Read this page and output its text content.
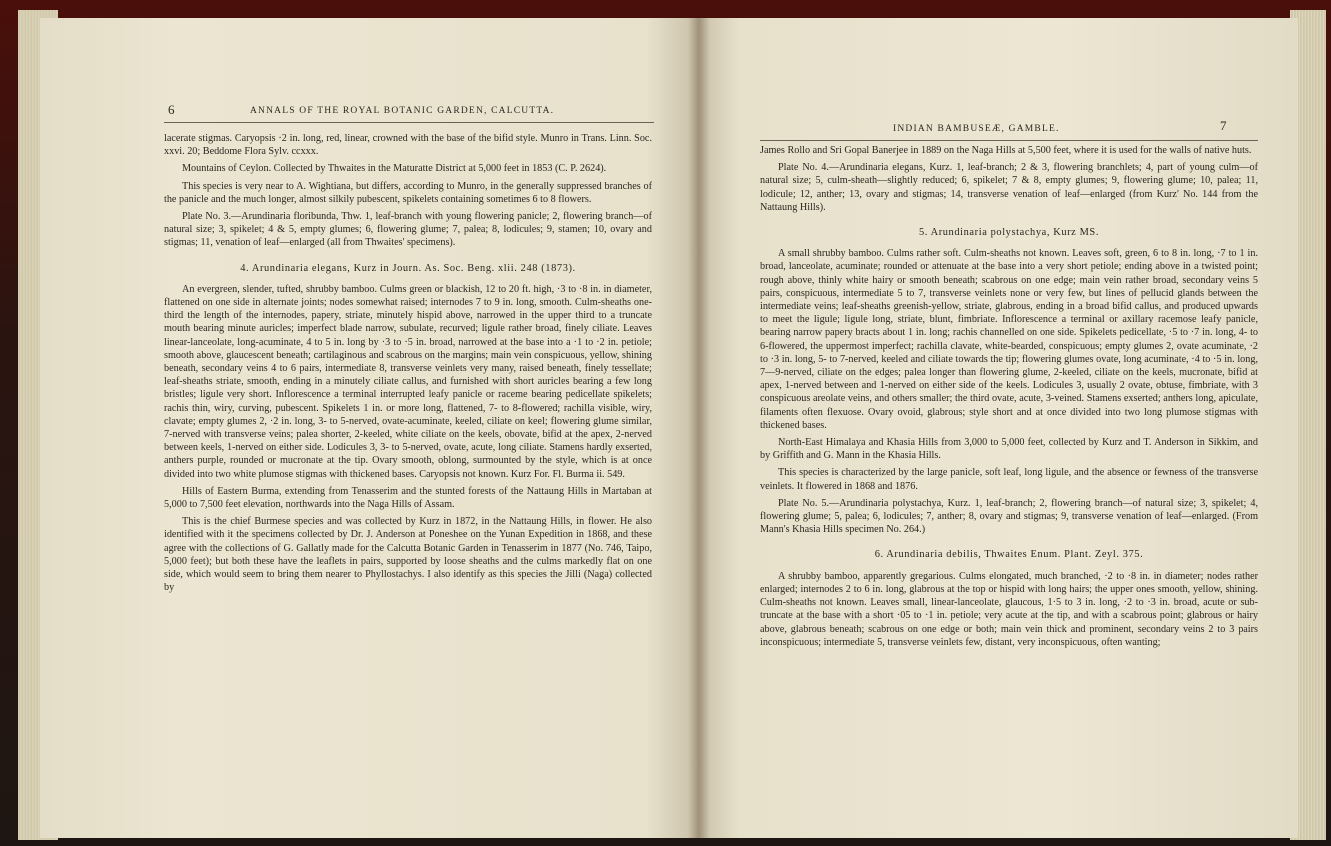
6	ANNALS OF THE ROYAL BOTANIC GARDEN, CALCUTTA.

lacerate stigmas. Caryopsis ·2 in. long, red, linear, crowned with the base of the bifid style. Munro in Trans. Linn. Soc. xxvi. 20; Beddome Flora Sylv. ccxxx.

Mountains of Ceylon. Collected by Thwaites in the Maturatte District at 5,000 feet in 1853 (C. P. 2624).

This species is very near to A. Wightiana, but differs, according to Munro, in the generally suppressed branches of the panicle and the much longer, almost silkily pubescent, spikelets containing sometimes 6 to 8 flowers.

Plate No. 3.—Arundinaria floribunda, Thw. 1, leaf-branch with young flowering panicle; 2, flowering branch—of natural size; 3, spikelet; 4 & 5, empty glumes; 6, flowering glume; 7, palea; 8, lodicules; 9, stamen; 10, ovary and stigmas; 11, venation of leaf—enlarged (all from Thwaites' specimens).

4. Arundinaria elegans, Kurz in Journ. As. Soc. Beng. xlii. 248 (1873).

An evergreen, slender, tufted, shrubby bamboo. Culms green or blackish, 12 to 20 ft. high, ·3 to ·8 in. in diameter, flattened on one side in alternate joints; nodes somewhat raised; internodes 7 to 9 in. long, smooth. Culm-sheaths one-third the length of the internodes, papery, striate, minutely hispid above, narrowed in the upper third to a truncate mouth bearing minute auricles; imperfect blade narrow, subulate, recurved; ligule rather broad, finely ciliate. Leaves linear-lanceolate, long-acuminate, 4 to 5 in. long by ·3 to ·5 in. broad, narrowed at the base into a ·1 to ·2 in. petiole; smooth above, glaucescent beneath; cartilaginous and scabrous on the margins; main vein conspicuous, yellow, shining beneath, secondary veins 4 to 6 pairs, intermediate 8, transverse veinlets very many, raised beneath, finely tessellate; leaf-sheaths striate, smooth, ending in a minutely ciliate callus, and furnished with short auricles bearing a few long bristles; ligule very short. Inflorescence a terminal interrupted leafy panicle or raceme bearing pedicellate spikelets; rachis thin, wiry, curving, pubescent. Spikelets 1 in. or more long, flattened, 7- to 8-flowered; rachilla visible, wiry, clavate; empty glumes 2, ·2 in. long, 3- to 5-nerved, ovate-acuminate, keeled, ciliate on keel; flowering glume similar, 7-nerved with transverse veins; palea shorter, 2-keeled, white ciliate on the keels, obovate, bifid at the apex, 2-nerved between keels, 1-nerved on either side. Lodicules 3, 3- to 5-nerved, ovate, acute, long ciliate. Stamens hardly exserted, anthers purple, rounded or mucronate at the tip. Ovary smooth, oblong, surmounted by the style, which is at once divided into two white plumose stigmas with thickened bases. Caryopsis not known. Kurz For. Fl. Burma ii. 549.

Hills of Eastern Burma, extending from Tenasserim and the stunted forests of the Nattaung Hills in Martaban at 5,000 to 7,500 feet elevation, northwards into the Naga Hills of Assam.

This is the chief Burmese species and was collected by Kurz in 1872, in the Nattaung Hills, in flower. He also identified with it the specimens collected by Dr. J. Anderson at Poneshee on the Yunan Expedition in 1868, and these agree with the collections of G. Gallatly made for the Calcutta Botanic Garden in Tenasserim in 1877 (No. 746, Taipo, 5,000 feet); but both these have the leaflets in pairs, supported by loose sheaths and the culms markedly flat on one side, which would seem to bring them nearer to Phyllostachys. I also identify as this species the Jilli (Naga) collected by

INDIAN BAMBUSEÆ, GAMBLE.	7

James Rollo and Sri Gopal Banerjee in 1889 on the Naga Hills at 5,500 feet, where it is used for the walls of native huts.

Plate No. 4.—Arundinaria elegans, Kurz. 1, leaf-branch; 2 & 3, flowering branchlets; 4, part of young culm—of natural size; 5, culm-sheath—slightly reduced; 6, spikelet; 7 & 8, empty glumes; 9, flowering glume; 10, palea; 11, lodicule; 12, anther; 13, ovary and stigmas; 14, transverse venation of leaf—enlarged (from Kurz' No. 144 from the Nattaung Hills).

5. Arundinaria polystachya, Kurz MS.

A small shrubby bamboo. Culms rather soft. Culm-sheaths not known. Leaves soft, green, 6 to 8 in. long, ·7 to 1 in. broad, lanceolate, acuminate; rounded or attenuate at the base into a very short petiole; ending above in a twisted point; rough above, thinly white hairy or smooth beneath; scabrous on one edge; main vein rather broad, secondary veins 5 pairs, conspicuous, intermediate 5 to 7, transverse veinlets none or very few, but lines of pellucid glands between the intermediate veins; leaf-sheaths greenish-yellow, striate, glabrous, ending in a broad bifid callus, and produced upwards to meet the ligule; ligule long, striate, blunt, fimbriate. Inflorescence a terminal or axillary racemose leafy panicle, bearing narrow papery bracts about 1 in. long; rachis channelled on one side. Spikelets pedicellate, ·5 to ·7 in. long, 4- to 6-flowered, the uppermost imperfect; rachilla clavate, white-bearded, conspicuous; empty glumes 2, ovate acuminate, ·2 to ·3 in. long, 5- to 7-nerved, keeled and ciliate towards the tip; flowering glumes ovate, long acuminate, ·4 to ·5 in. long, 7—9-nerved, ciliate on the edges; palea longer than flowering glume, 2-keeled, ciliate on the keels, mucronate, bifid at apex, 1-nerved between and 1-nerved on either side of the keels. Lodicules 3, usually 2 ovate, obtuse, fimbriate, with 3 conspicuous areolate veins, and others smaller; the third ovate, acute, 3-veined. Stamens exserted; anthers long, apiculate, filaments often flexuose. Ovary ovoid, glabrous; style short and at once divided into two long plumose stigmas with thickened bases.

North-East Himalaya and Khasia Hills from 3,000 to 5,000 feet, collected by Kurz and T. Anderson in Sikkim, and by Griffith and G. Mann in the Khasia Hills.

This species is characterized by the large panicle, soft leaf, long ligule, and the absence or fewness of the transverse veinlets. It flowered in 1868 and 1876.

Plate No. 5.—Arundinaria polystachya, Kurz. 1, leaf-branch; 2, flowering branch—of natural size; 3, spikelet; 4, flowering glume; 5, palea; 6, lodicules; 7, anther; 8, ovary and stigmas; 9, transverse venation of leaf—enlarged. (From Mann's Khasia Hills specimen No. 264.)

6. Arundinaria debilis, Thwaites Enum. Plant. Zeyl. 375.

A shrubby bamboo, apparently gregarious. Culms elongated, much branched, ·2 to ·8 in. in diameter; nodes rather enlarged; internodes 2 to 6 in. long, glabrous at the top or hispid with long hairs; the upper ones smooth, yellow, shining. Culm-sheaths not known. Leaves small, linear-lanceolate, glaucous, 1·5 to 3 in. long, ·2 to ·3 in. broad, acute or sub-truncate at the base with a short ·05 to ·1 in. petiole; very acute at the tip, and with a scabrous point; glabrous or hairy above, glabrous beneath; scabrous on one edge or both; main vein thick and prominent, secondary veins 2 to 3 pairs inconspicuous; intermediate 5, transverse veinlets few, distant, very inconspicuous, often wanting;
